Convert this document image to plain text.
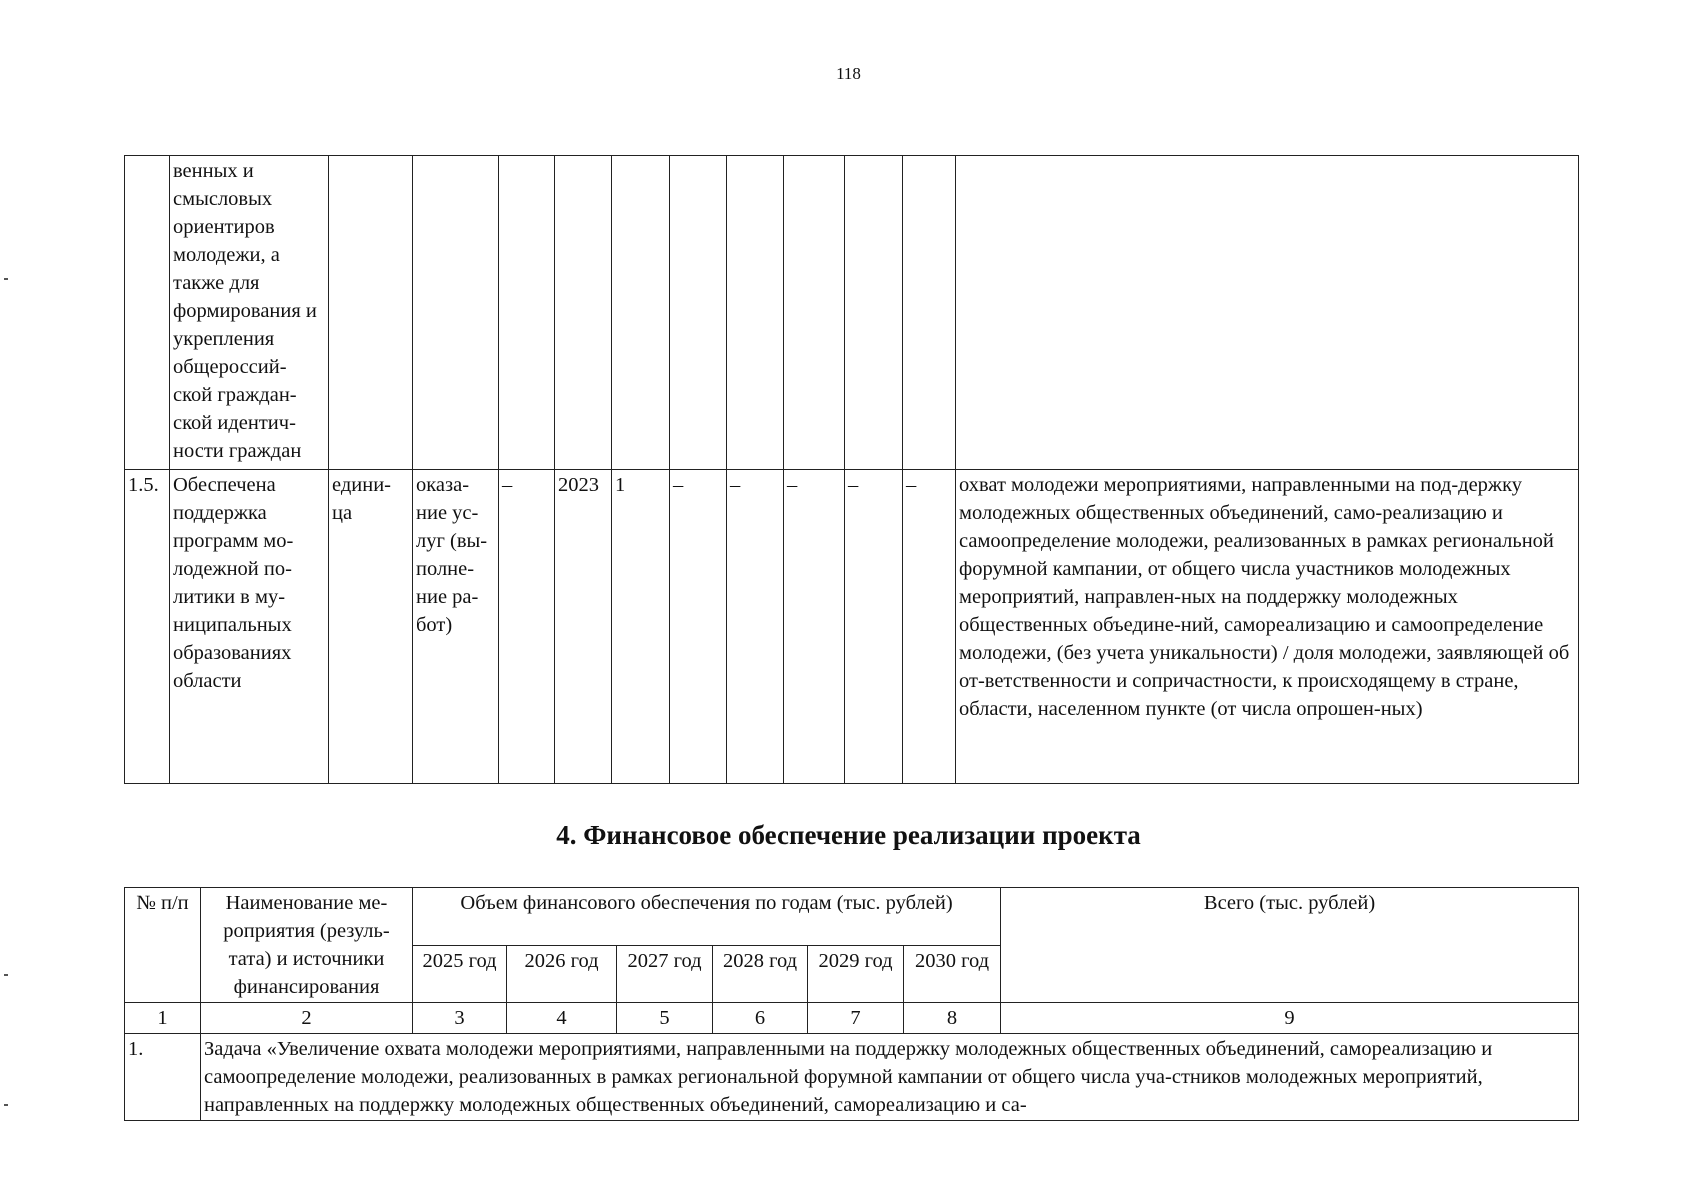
118
	венных и смысловых ориентиров молодежи, а также для формирования и укрепления общероссий-ской граждан-ской идентич-ности граждан											
1.5.	Обеспечена поддержка программ мо-лодежной по-литики в му-ниципальных образованиях области	едини-ца	оказа-ние ус-луг (вы-полне-ние ра-бот)	–	2023	1	–	–	–	–	–	охват молодежи мероприятиями, направленными на под-держку молодежных общественных объединений, само-реализацию и самоопределение молодежи, реализованных в рамках региональной форумной кампании, от общего числа участников молодежных мероприятий, направлен-ных на поддержку молодежных общественных объедине-ний, самореализацию и самоопределение молодежи, (без учета уникальности) / доля молодежи, заявляющей об от-ветственности и сопричастности, к происходящему в стране, области, населенном пункте (от числа опрошен-ных)
4. Финансовое обеспечение реализации проекта
№ п/п	Наименование ме-роприятия (резуль-тата) и источники финансирования	Объем финансового обеспечения по годам (тыс. рублей)						Всего (тыс. рублей)
		2025 год	2026 год	2027 год	2028 год	2029 год	2030 год	
1	2	3	4	5	6	7	8	9
1.	Задача «Увеличение охвата молодежи мероприятиями, направленными на поддержку молодежных общественных объединений, самореализацию и самоопределение молодежи, реализованных в рамках региональной форумной кампании от общего числа уча-стников молодежных мероприятий, направленных на поддержку молодежных общественных объединений, самореализацию и са-							
